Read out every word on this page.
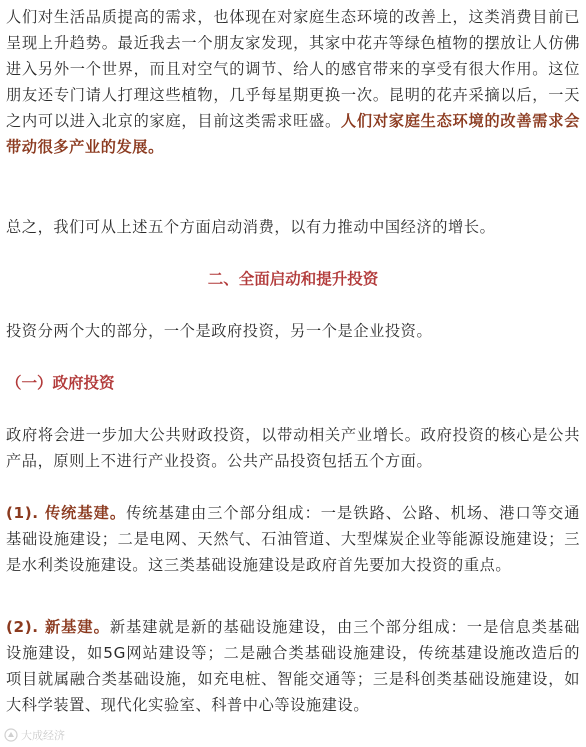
人们对生活品质提高的需求，也体现在对家庭生态环境的改善上，这类消费目前已呈现上升趋势。最近我去一个朋友家发现，其家中花卉等绿色植物的摆放让人仿佛进入另外一个世界，而且对空气的调节、给人的感官带来的享受有很大作用。这位朋友还专门请人打理这些植物，几乎每星期更换一次。昆明的花卉采摘以后，一天之内可以进入北京的家庭，目前这类需求旺盛。人们对家庭生态环境的改善需求会带动很多产业的发展。

总之，我们可从上述五个方面启动消费，以有力推动中国经济的增长。

二、全面启动和提升投资

投资分两个大的部分，一个是政府投资，另一个是企业投资。

（一）政府投资

政府将会进一步加大公共财政投资，以带动相关产业增长。政府投资的核心是公共产品，原则上不进行产业投资。公共产品投资包括五个方面。

(1). 传统基建。传统基建由三个部分组成：一是铁路、公路、机场、港口等交通基础设施建设；二是电网、天然气、石油管道、大型煤炭企业等能源设施建设；三是水利类设施建设。这三类基础设施建设是政府首先要加大投资的重点。

(2). 新基建。新基建就是新的基础设施建设，由三个部分组成：一是信息类基础设施建设，如5G网站建设等；二是融合类基础设施建设，传统基建设施改造后的项目就属融合类基础设施，如充电桩、智能交通等；三是科创类基础设施建设，如大科学装置、现代化实验室、科普中心等设施建设。

大成经济
